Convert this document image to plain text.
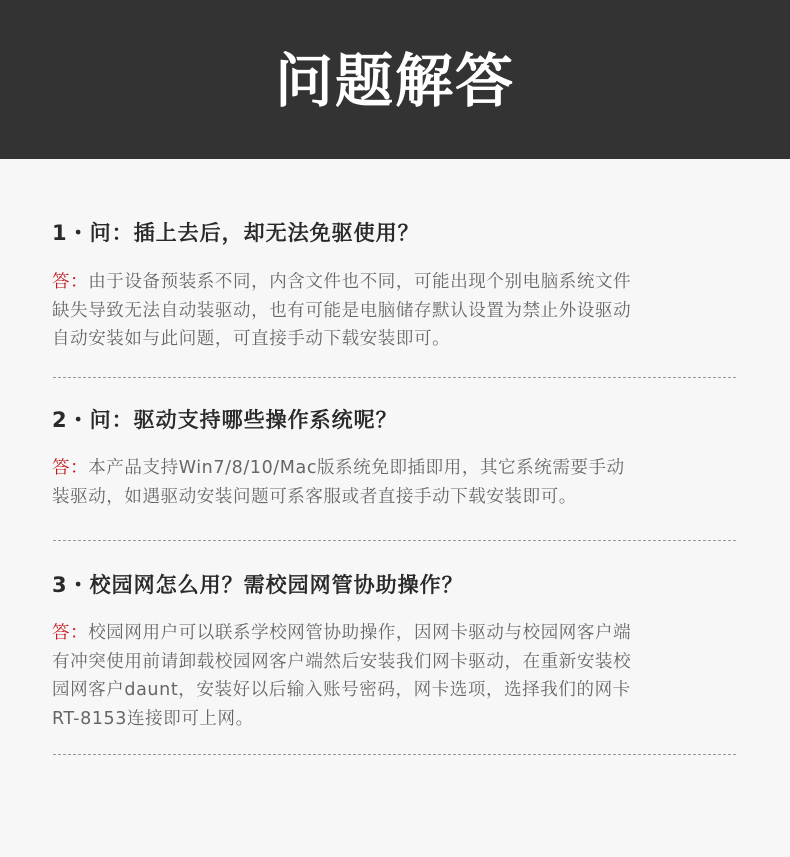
问题解答
1・问：插上去后，却无法免驱使用？

答：由于设备预装系不同，内含文件也不同，可能出现个别电脑系统文件
缺失导致无法自动装驱动，也有可能是电脑储存默认设置为禁止外设驱动
自动安装如与此问题，可直接手动下载安装即可。

2・问：驱动支持哪些操作系统呢？

答：本产品支持Win7/8/10/Mac版系统免即插即用，其它系统需要手动
装驱动，如遇驱动安装问题可系客服或者直接手动下载安装即可。

3・校园网怎么用？需校园网管协助操作？

答：校园网用户可以联系学校网管协助操作，因网卡驱动与校园网客户端
有冲突使用前请卸载校园网客户端然后安装我们网卡驱动，在重新安装校
园网客户daunt，安装好以后输入账号密码，网卡选项，选择我们的网卡
RT-8153连接即可上网。
